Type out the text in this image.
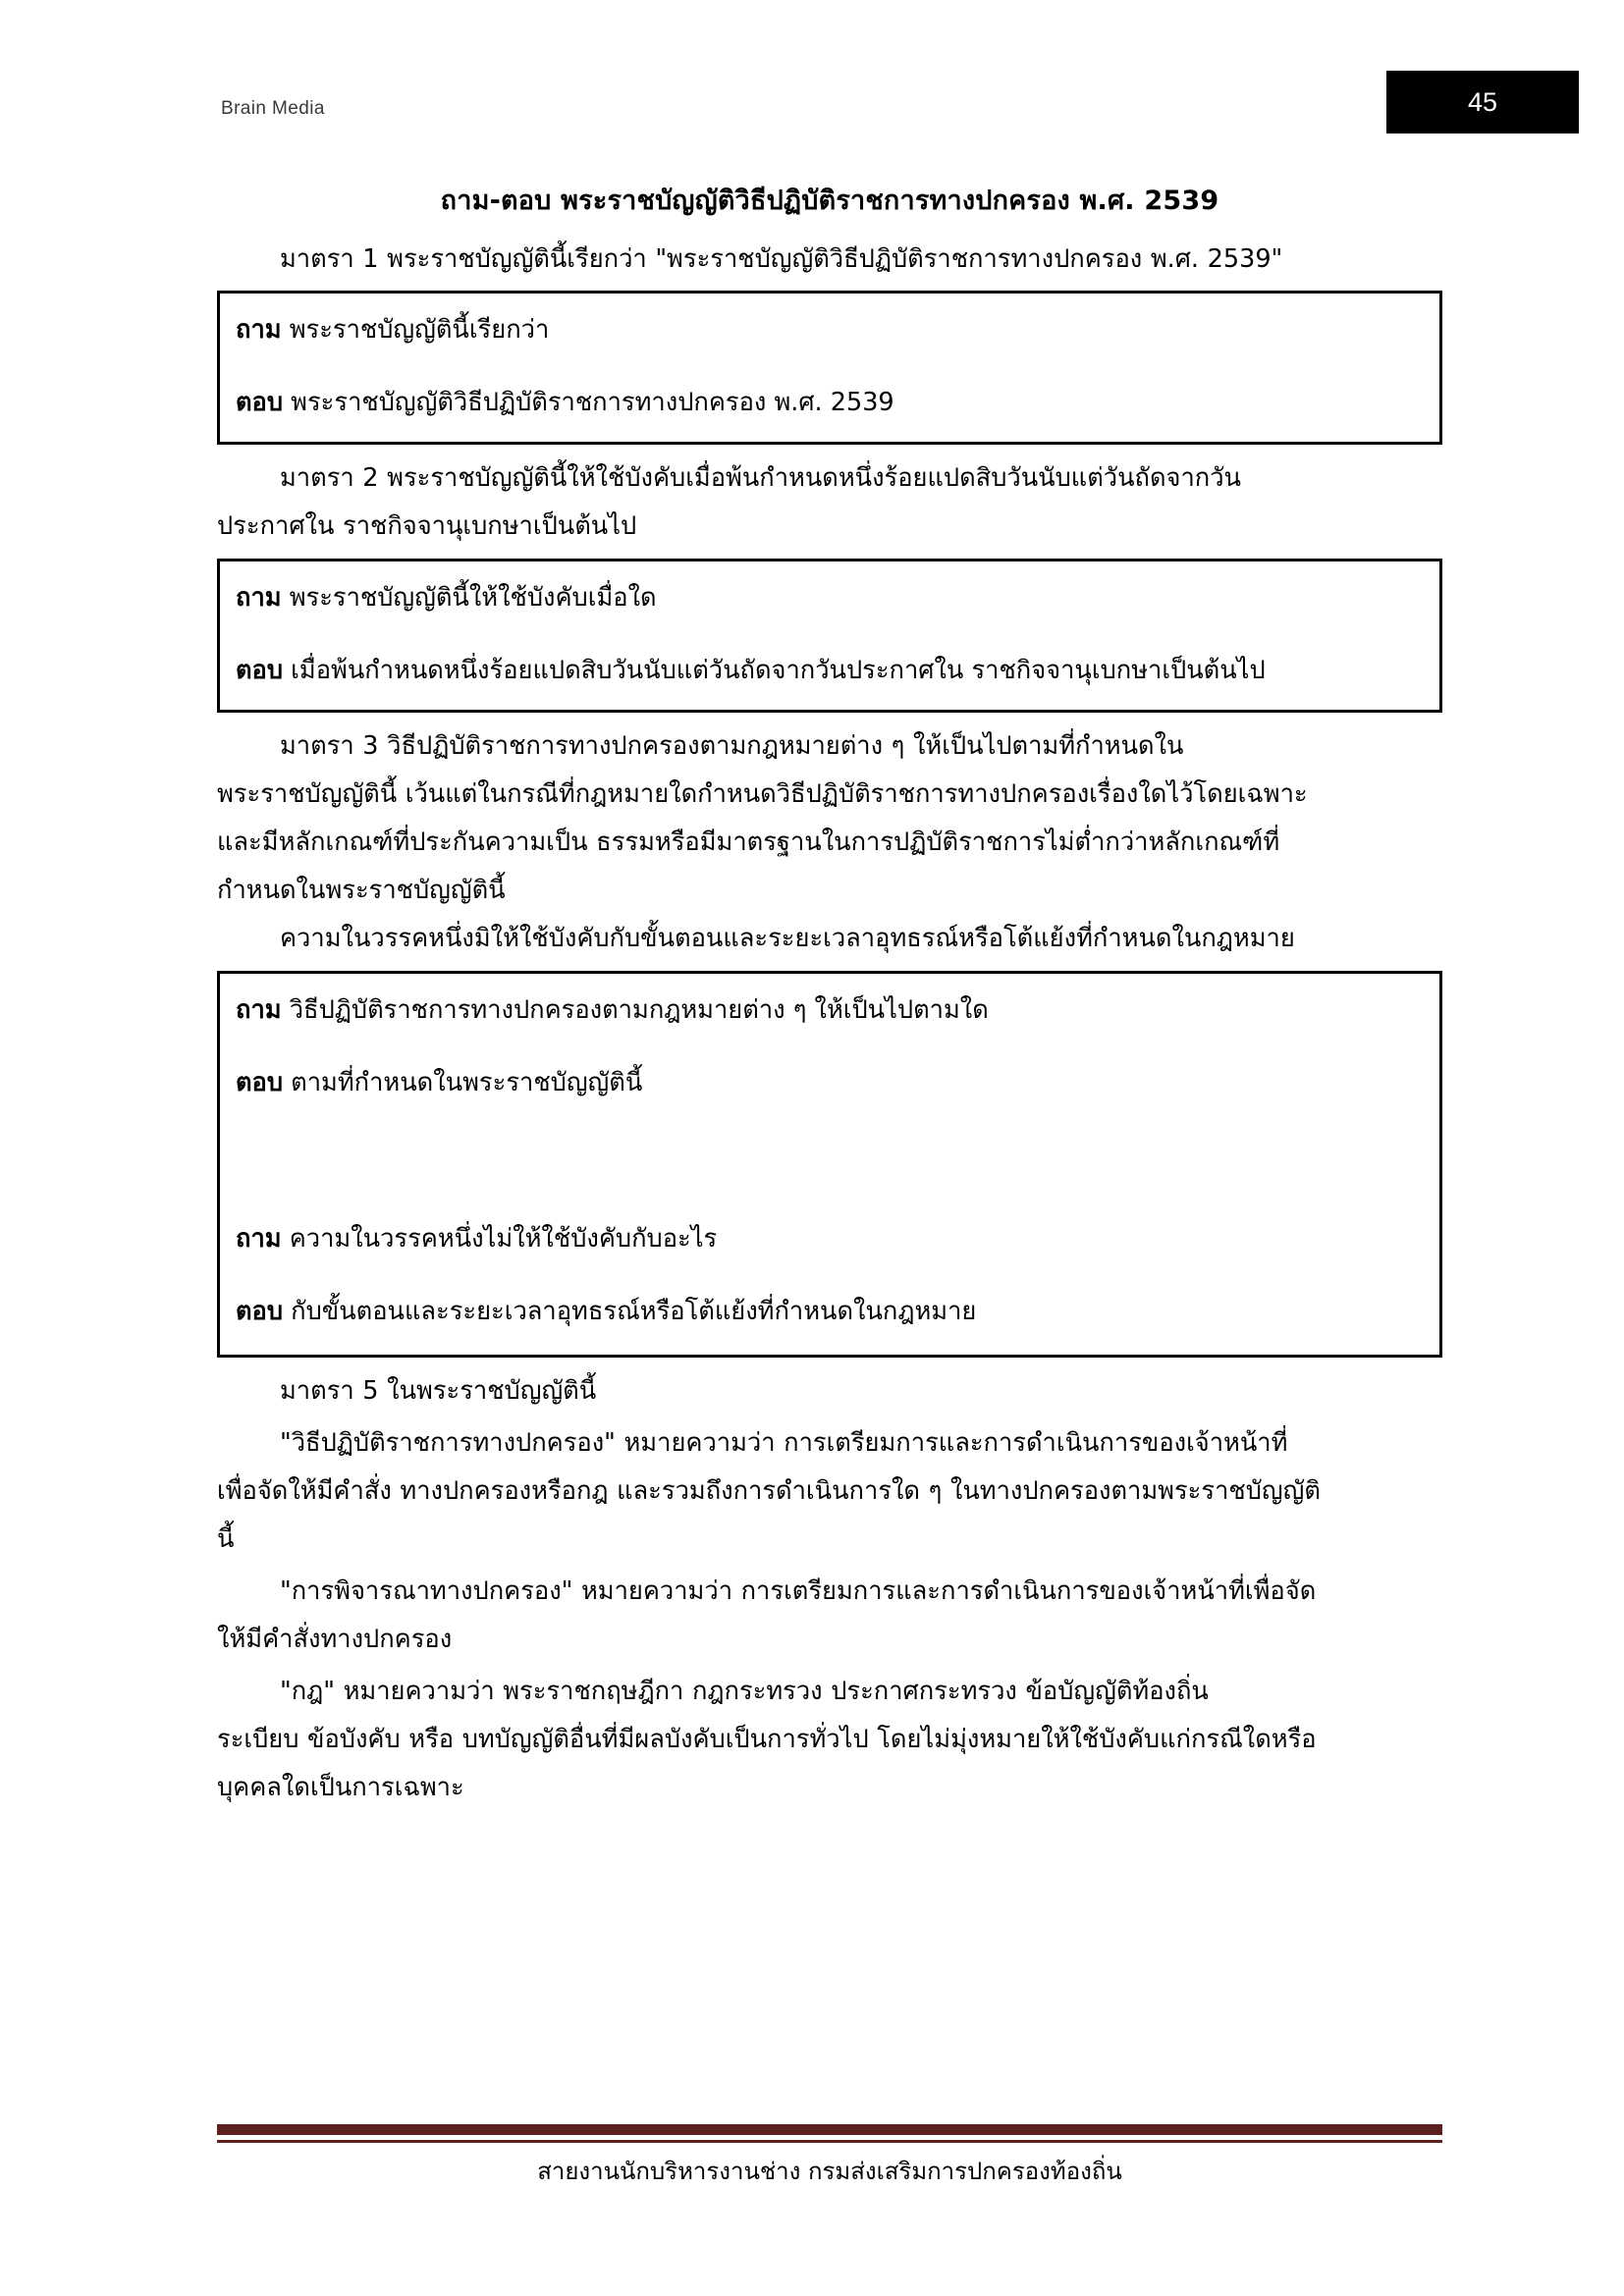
Brain Media	45
ถาม-ตอบ พระราชบัญญัติวิธีปฏิบัติราชการทางปกครอง พ.ศ. 2539

มาตรา 1 พระราชบัญญัตินี้เรียกว่า "พระราชบัญญัติวิธีปฏิบัติราชการทางปกครอง พ.ศ. 2539"

ถาม พระราชบัญญัตินี้เรียกว่า
ตอบ พระราชบัญญัติวิธีปฏิบัติราชการทางปกครอง พ.ศ. 2539

มาตรา 2 พระราชบัญญัตินี้ให้ใช้บังคับเมื่อพ้นกำหนดหนึ่งร้อยแปดสิบวันนับแต่วันถัดจากวัน

ประกาศใน ราชกิจจานุเบกษาเป็นต้นไป

ถาม พระราชบัญญัตินี้ให้ใช้บังคับเมื่อใด
ตอบ เมื่อพ้นกำหนดหนึ่งร้อยแปดสิบวันนับแต่วันถัดจากวันประกาศใน ราชกิจจานุเบกษาเป็นต้นไป

มาตรา 3 วิธีปฏิบัติราชการทางปกครองตามกฎหมายต่าง ๆ ให้เป็นไปตามที่กำหนดใน

พระราชบัญญัตินี้ เว้นแต่ในกรณีที่กฎหมายใดกำหนดวิธีปฏิบัติราชการทางปกครองเรื่องใดไว้โดยเฉพาะ

และมีหลักเกณฑ์ที่ประกันความเป็น ธรรมหรือมีมาตรฐานในการปฏิบัติราชการไม่ต่ำกว่าหลักเกณฑ์ที่

กำหนดในพระราชบัญญัตินี้

ความในวรรคหนึ่งมิให้ใช้บังคับกับขั้นตอนและระยะเวลาอุทธรณ์หรือโต้แย้งที่กำหนดในกฎหมาย

ถาม วิธีปฏิบัติราชการทางปกครองตามกฎหมายต่าง ๆ ให้เป็นไปตามใด
ตอบ ตามที่กำหนดในพระราชบัญญัตินี้
ถาม ความในวรรคหนึ่งไม่ให้ใช้บังคับกับอะไร
ตอบ กับขั้นตอนและระยะเวลาอุทธรณ์หรือโต้แย้งที่กำหนดในกฎหมาย

มาตรา 5 ในพระราชบัญญัตินี้

"วิธีปฏิบัติราชการทางปกครอง" หมายความว่า การเตรียมการและการดำเนินการของเจ้าหน้าที่

เพื่อจัดให้มีคำสั่ง ทางปกครองหรือกฎ และรวมถึงการดำเนินการใด ๆ ในทางปกครองตามพระราชบัญญัติ

นี้

"การพิจารณาทางปกครอง" หมายความว่า การเตรียมการและการดำเนินการของเจ้าหน้าที่เพื่อจัด

ให้มีคำสั่งทางปกครอง

"กฎ" หมายความว่า พระราชกฤษฎีกา กฎกระทรวง ประกาศกระทรวง ข้อบัญญัติท้องถิ่น

ระเบียบ ข้อบังคับ หรือ บทบัญญัติอื่นที่มีผลบังคับเป็นการทั่วไป โดยไม่มุ่งหมายให้ใช้บังคับแก่กรณีใดหรือ

บุคคลใดเป็นการเฉพาะ

สายงานนักบริหารงานช่าง กรมส่งเสริมการปกครองท้องถิ่น
